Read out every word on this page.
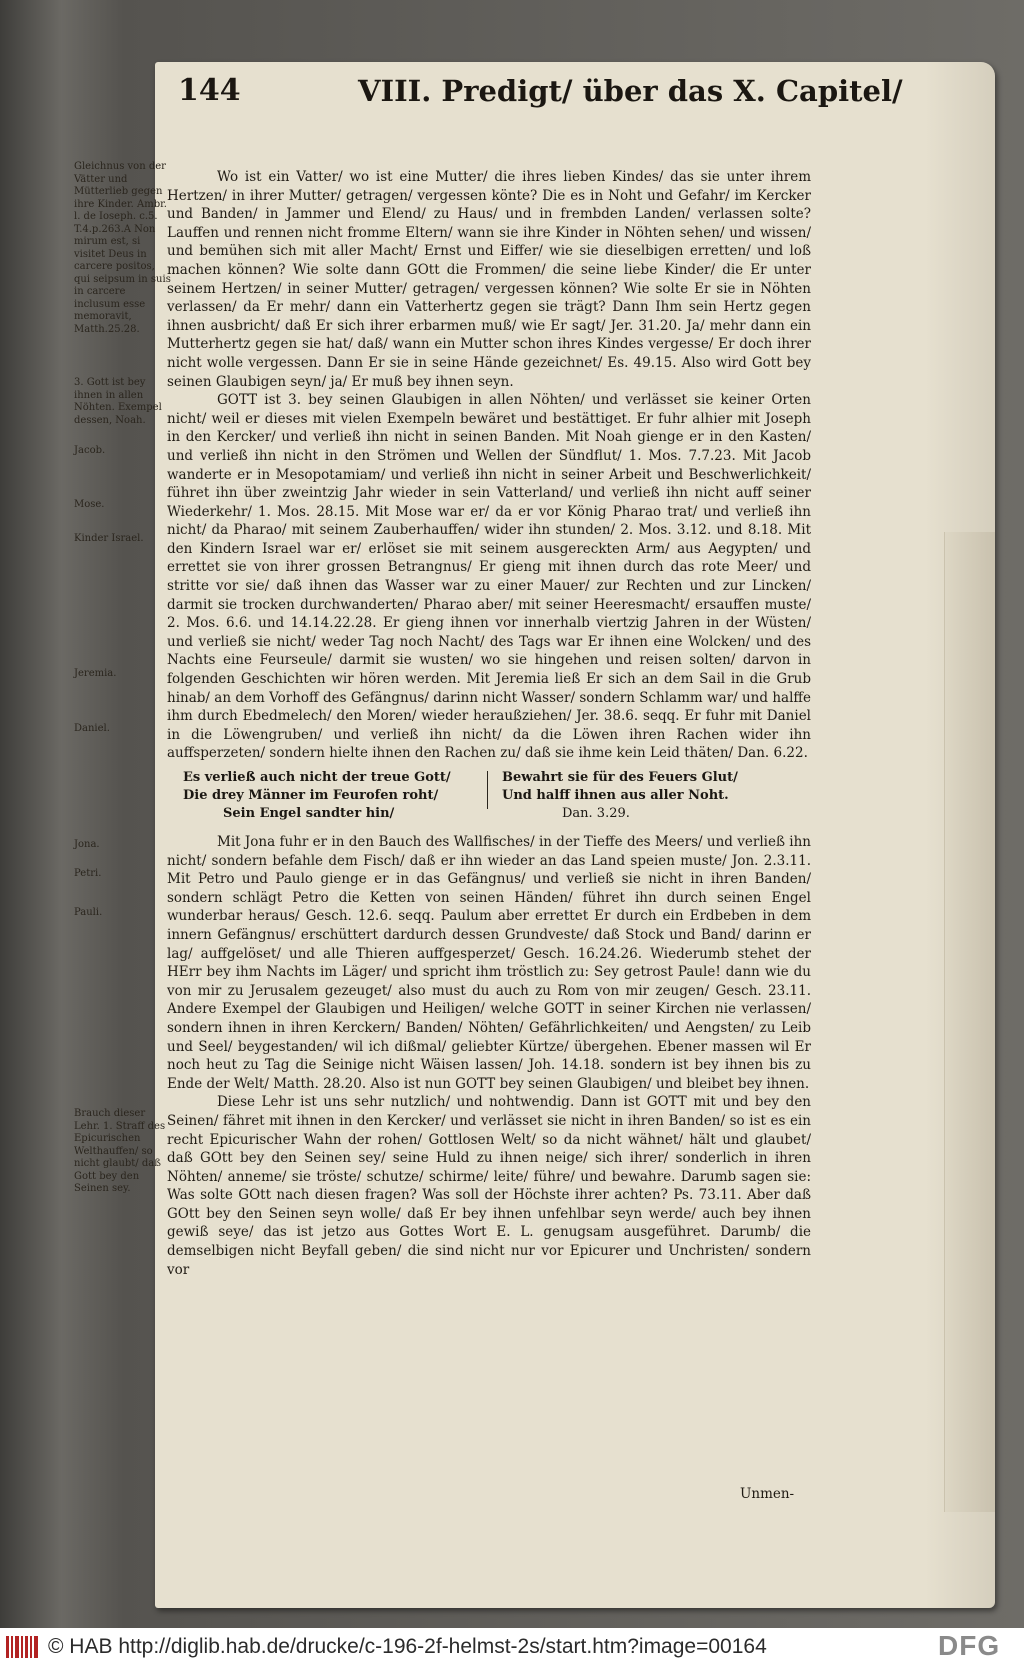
144	VIII. Predigt/ über das X. Capitel/
Gleichnus von der Vätter und Mütterlieb gegen ihre Kinder. Ambr. l. de Ioseph. c.5. T.4.p.263.A Non mirum est, si visitet Deus in carcere positos, qui seipsum in suis in carcere inclusum esse memoravit, Matth.25.28.
3. Gott ist bey ihnen in allen Nöhten. Exempel dessen, Noah.
Jacob.
Mose.
Kinder Israel.
Jeremia.
Daniel.
Jona.
Petri.
Pauli.
Brauch dieser Lehr. 1. Straff des Epicurischen Welthauffen/ so nicht glaubt/ daß Gott bey den Seinen sey.

Wo ist ein Vatter/ wo ist eine Mutter/ die ihres lieben Kindes/ das sie unter ihrem Hertzen/ in ihrer Mutter/ getragen/ vergessen könte? Die es in Noht und Gefahr/ im Kercker und Banden/ in Jammer und Elend/ zu Haus/ und in frembden Landen/ verlassen solte? Lauffen und rennen nicht fromme Eltern/ wann sie ihre Kinder in Nöhten sehen/ und wissen/ und bemühen sich mit aller Macht/ Ernst und Eiffer/ wie sie dieselbigen erretten/ und loß machen können? Wie solte dann GOtt die Frommen/ die seine liebe Kinder/ die Er unter seinem Hertzen/ in seiner Mutter/ getragen/ vergessen können? Wie solte Er sie in Nöhten verlassen/ da Er mehr/ dann ein Vatterhertz gegen sie trägt? Dann Ihm sein Hertz gegen ihnen ausbricht/ daß Er sich ihrer erbarmen muß/ wie Er sagt/ Jer. 31.20. Ja/ mehr dann ein Mutterhertz gegen sie hat/ daß/ wann ein Mutter schon ihres Kindes vergesse/ Er doch ihrer nicht wolle vergessen. Dann Er sie in seine Hände gezeichnet/ Es. 49.15. Also wird Gott bey seinen Glaubigen seyn/ ja/ Er muß bey ihnen seyn.

GOTT ist 3. bey seinen Glaubigen in allen Nöhten/ und verlässet sie keiner Orten nicht/ weil er dieses mit vielen Exempeln bewäret und bestättiget. Er fuhr alhier mit Joseph in den Kercker/ und verließ ihn nicht in seinen Banden. Mit Noah gienge er in den Kasten/ und verließ ihn nicht in den Strömen und Wellen der Sündflut/ 1. Mos. 7.7.23. Mit Jacob wanderte er in Mesopotamiam/ und verließ ihn nicht in seiner Arbeit und Beschwerlichkeit/ führet ihn über zweintzig Jahr wieder in sein Vatterland/ und verließ ihn nicht auff seiner Wiederkehr/ 1. Mos. 28.15. Mit Mose war er/ da er vor König Pharao trat/ und verließ ihn nicht/ da Pharao/ mit seinem Zauberhauffen/ wider ihn stunden/ 2. Mos. 3.12. und 8.18. Mit den Kindern Israel war er/ erlöset sie mit seinem ausgereckten Arm/ aus Aegypten/ und errettet sie von ihrer grossen Betrangnus/ Er gieng mit ihnen durch das rote Meer/ und stritte vor sie/ daß ihnen das Wasser war zu einer Mauer/ zur Rechten und zur Lincken/ darmit sie trocken durchwanderten/ Pharao aber/ mit seiner Heeresmacht/ ersauffen muste/ 2. Mos. 6.6. und 14.14.22.28. Er gieng ihnen vor innerhalb viertzig Jahren in der Wüsten/ und verließ sie nicht/ weder Tag noch Nacht/ des Tags war Er ihnen eine Wolcken/ und des Nachts eine Feurseule/ darmit sie wusten/ wo sie hingehen und reisen solten/ darvon in folgenden Geschichten wir hören werden. Mit Jeremia ließ Er sich an dem Sail in die Grub hinab/ an dem Vorhoff des Gefängnus/ darinn nicht Wasser/ sondern Schlamm war/ und halffe ihm durch Ebedmelech/ den Moren/ wieder heraußziehen/ Jer. 38.6. seqq. Er fuhr mit Daniel in die Löwengruben/ und verließ ihn nicht/ da die Löwen ihren Rachen wider ihn auffsperzeten/ sondern hielte ihnen den Rachen zu/ daß sie ihme kein Leid thäten/ Dan. 6.22.

Es verließ auch nicht der treue Gott/
Die drey Männer im Feurofen roht/
Sein Engel sandter hin/
Bewahrt sie für des Feuers Glut/
Und halff ihnen aus aller Noht.
Dan. 3.29.

Mit Jona fuhr er in den Bauch des Wallfisches/ in der Tieffe des Meers/ und verließ ihn nicht/ sondern befahle dem Fisch/ daß er ihn wieder an das Land speien muste/ Jon. 2.3.11. Mit Petro und Paulo gienge er in das Gefängnus/ und verließ sie nicht in ihren Banden/ sondern schlägt Petro die Ketten von seinen Händen/ führet ihn durch seinen Engel wunderbar heraus/ Gesch. 12.6. seqq. Paulum aber errettet Er durch ein Erdbeben in dem innern Gefängnus/ erschüttert dardurch dessen Grundveste/ daß Stock und Band/ darinn er lag/ auffgelöset/ und alle Thieren auffgesperzet/ Gesch. 16.24.26. Wiederumb stehet der HErr bey ihm Nachts im Läger/ und spricht ihm tröstlich zu: Sey getrost Paule! dann wie du von mir zu Jerusalem gezeuget/ also must du auch zu Rom von mir zeugen/ Gesch. 23.11. Andere Exempel der Glaubigen und Heiligen/ welche GOTT in seiner Kirchen nie verlassen/ sondern ihnen in ihren Kerckern/ Banden/ Nöhten/ Gefährlichkeiten/ und Aengsten/ zu Leib und Seel/ beygestanden/ wil ich dißmal/ geliebter Kürtze/ übergehen. Ebener massen wil Er noch heut zu Tag die Seinige nicht Wäisen lassen/ Joh. 14.18. sondern ist bey ihnen bis zu Ende der Welt/ Matth. 28.20. Also ist nun GOTT bey seinen Glaubigen/ und bleibet bey ihnen.

Diese Lehr ist uns sehr nutzlich/ und nohtwendig. Dann ist GOTT mit und bey den Seinen/ fähret mit ihnen in den Kercker/ und verlässet sie nicht in ihren Banden/ so ist es ein recht Epicurischer Wahn der rohen/ Gottlosen Welt/ so da nicht wähnet/ hält und glaubet/ daß GOtt bey den Seinen sey/ seine Huld zu ihnen neige/ sich ihrer/ sonderlich in ihren Nöhten/ anneme/ sie tröste/ schutze/ schirme/ leite/ führe/ und bewahre. Darumb sagen sie: Was solte GOtt nach diesen fragen? Was soll der Höchste ihrer achten? Ps. 73.11. Aber daß GOtt bey den Seinen seyn wolle/ daß Er bey ihnen unfehlbar seyn werde/ auch bey ihnen gewiß seye/ das ist jetzo aus Gottes Wort E. L. genugsam ausgeführet. Darumb/ die demselbigen nicht Beyfall geben/ die sind nicht nur vor Epicurer und Unchristen/ sondern vor

Unmen-
© HAB http://diglib.hab.de/drucke/c-196-2f-helmst-2s/start.htm?image=00164	DFG
